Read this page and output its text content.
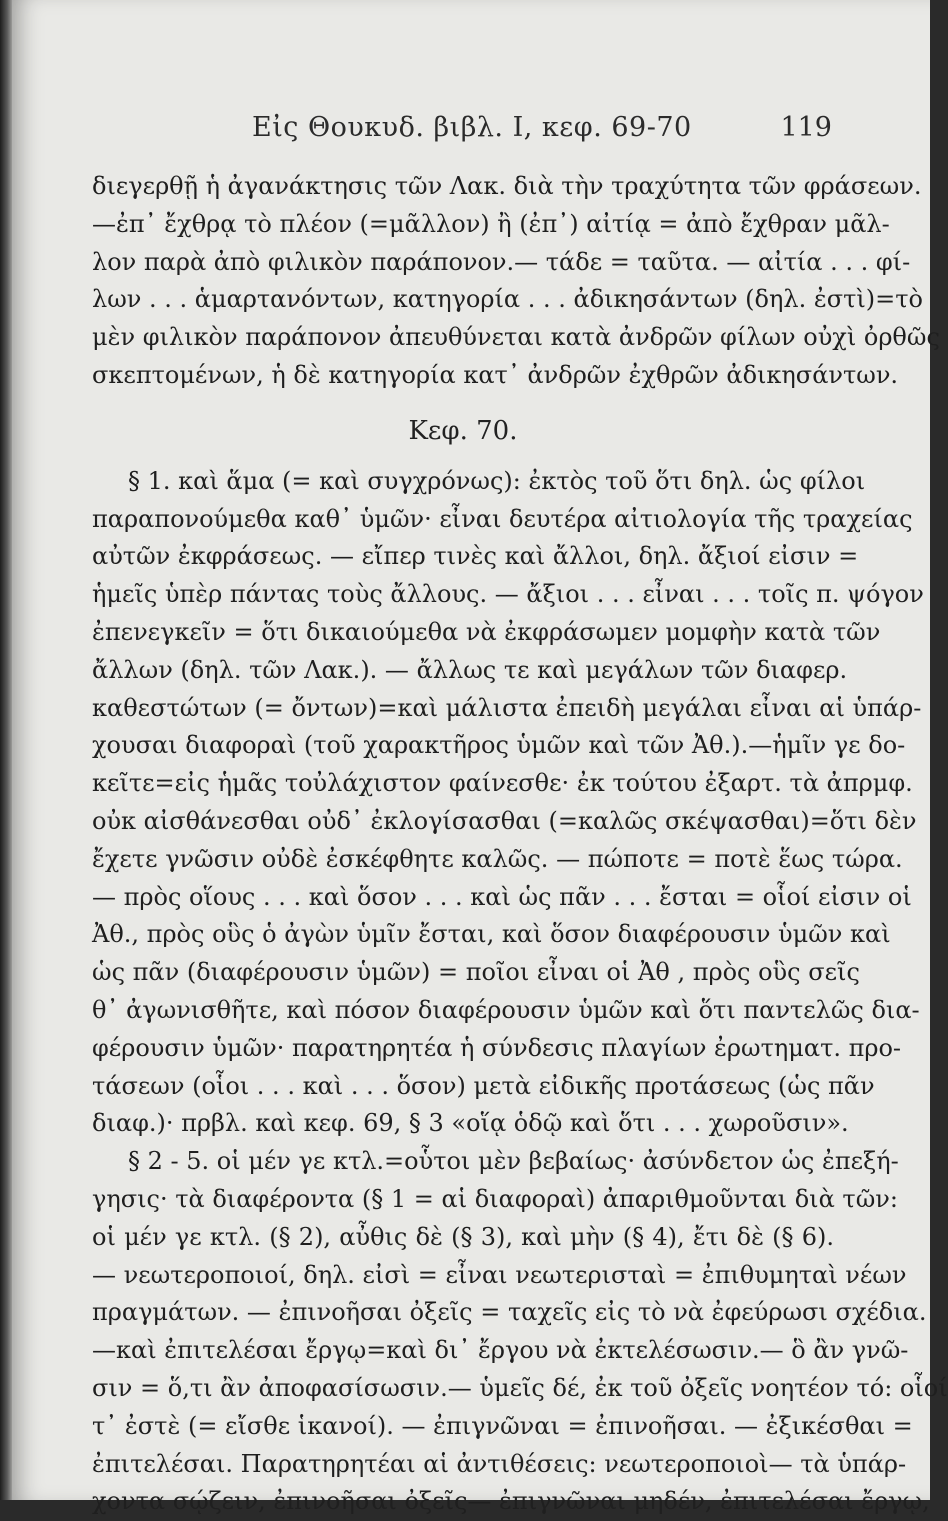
Εἰς Θουκυδ. βιβλ. Ι, κεφ. 69-70	119
διεγερθῇ ἡ ἀγανάκτησις τῶν Λακ. διὰ τὴν τραχύτητα τῶν φράσεων.
—ἐπ᾽ ἔχθρᾳ τὸ πλέον (=μᾶλλον) ἢ (ἐπ᾽) αἰτίᾳ = ἀπὸ ἔχθραν μᾶλ-
λον παρὰ ἀπὸ φιλικὸν παράπονον.— τάδε = ταῦτα. — αἰτία . . . φί-
λων . . . ἁμαρτανόντων, κατηγορία . . . ἀδικησάντων (δηλ. ἐστὶ)=τὸ
μὲν φιλικὸν παράπονον ἀπευθύνεται κατὰ ἀνδρῶν φίλων οὐχὶ ὀρθῶς
σκεπτομένων, ἡ δὲ κατηγορία κατ᾽ ἀνδρῶν ἐχθρῶν ἀδικησάντων.
Κεφ. 70.
§ 1. καὶ ἅμα (= καὶ συγχρόνως): ἐκτὸς τοῦ ὅτι δηλ. ὡς φίλοι
παραπονούμεθα καθ᾽ ὑμῶν· εἶναι δευτέρα αἰτιολογία τῆς τραχείας
αὐτῶν ἐκφράσεως. — εἴπερ τινὲς καὶ ἄλλοι, δηλ. ἄξιοί εἰσιν =
ἡμεῖς ὑπὲρ πάντας τοὺς ἄλλους. — ἄξιοι . . . εἶναι . . . τοῖς π. ψόγον
ἐπενεγκεῖν = ὅτι δικαιούμεθα νὰ ἐκφράσωμεν μομφὴν κατὰ τῶν
ἄλλων (δηλ. τῶν Λακ.). — ἄλλως τε καὶ μεγάλων τῶν διαφερ.
καθεστώτων (= ὄντων)=καὶ μάλιστα ἐπειδὴ μεγάλαι εἶναι αἱ ὑπάρ-
χουσαι διαφοραὶ (τοῦ χαρακτῆρος ὑμῶν καὶ τῶν Ἀθ.).—ἡμῖν γε δο-
κεῖτε=εἰς ἡμᾶς τοὐλάχιστον φαίνεσθε· ἐκ τούτου ἐξαρτ. τὰ ἀπρμφ.
οὐκ αἰσθάνεσθαι οὐδ᾽ ἐκλογίσασθαι (=καλῶς σκέψασθαι)=ὅτι δὲν
ἔχετε γνῶσιν οὐδὲ ἐσκέφθητε καλῶς. — πώποτε = ποτὲ ἕως τώρα.
— πρὸς οἵους . . . καὶ ὅσον . . . καὶ ὡς πᾶν . . . ἔσται = οἷοί εἰσιν οἱ
Ἀθ., πρὸς οὓς ὁ ἀγὼν ὑμῖν ἔσται, καὶ ὅσον διαφέρουσιν ὑμῶν καὶ
ὡς πᾶν (διαφέρουσιν ὑμῶν) = ποῖοι εἶναι οἱ Ἀθ , πρὸς οὓς σεῖς
θ᾽ ἀγωνισθῆτε, καὶ πόσον διαφέρουσιν ὑμῶν καὶ ὅτι παντελῶς δια-
φέρουσιν ὑμῶν· παρατηρητέα ἡ σύνδεσις πλαγίων ἐρωτηματ. προ-
τάσεων (οἷοι . . . καὶ . . . ὅσον) μετὰ εἰδικῆς προτάσεως (ὡς πᾶν
διαφ.)· πρβλ. καὶ κεφ. 69, § 3 «οἵᾳ ὁδῷ καὶ ὅτι . . . χωροῦσιν».
§ 2 - 5. οἱ μέν γε κτλ.=οὗτοι μὲν βεβαίως· ἀσύνδετον ὡς ἐπεξή-
γησις· τὰ διαφέροντα (§ 1 = αἱ διαφοραὶ) ἀπαριθμοῦνται διὰ τῶν:
οἱ μέν γε κτλ. (§ 2), αὖθις δὲ (§ 3), καὶ μὴν (§ 4), ἔτι δὲ (§ 6).
— νεωτεροποιοί, δηλ. εἰσὶ = εἶναι νεωτερισταὶ = ἐπιθυμηταὶ νέων
πραγμάτων. — ἐπινοῆσαι ὀξεῖς = ταχεῖς εἰς τὸ νὰ ἐφεύρωσι σχέδια.
—καὶ ἐπιτελέσαι ἔργῳ=καὶ δι᾽ ἔργου νὰ ἐκτελέσωσιν.— ὃ ἂν γνῶ-
σιν = ὅ,τι ἂν ἀποφασίσωσιν.— ὑμεῖς δέ, ἐκ τοῦ ὀξεῖς νοητέον τό: οἷοί
τ᾽ ἐστὲ (= εἴσθε ἱκανοί). — ἐπιγνῶναι = ἐπινοῆσαι. — ἐξικέσθαι =
ἐπιτελέσαι. Παρατηρητέαι αἱ ἀντιθέσεις: νεωτεροποιοὶ— τὰ ὑπάρ-
χοντα σῴζειν, ἐπινοῆσαι ὀξεῖς— ἐπιγνῶναι μηδέν, ἐπιτελέσαι ἔργῳ,
